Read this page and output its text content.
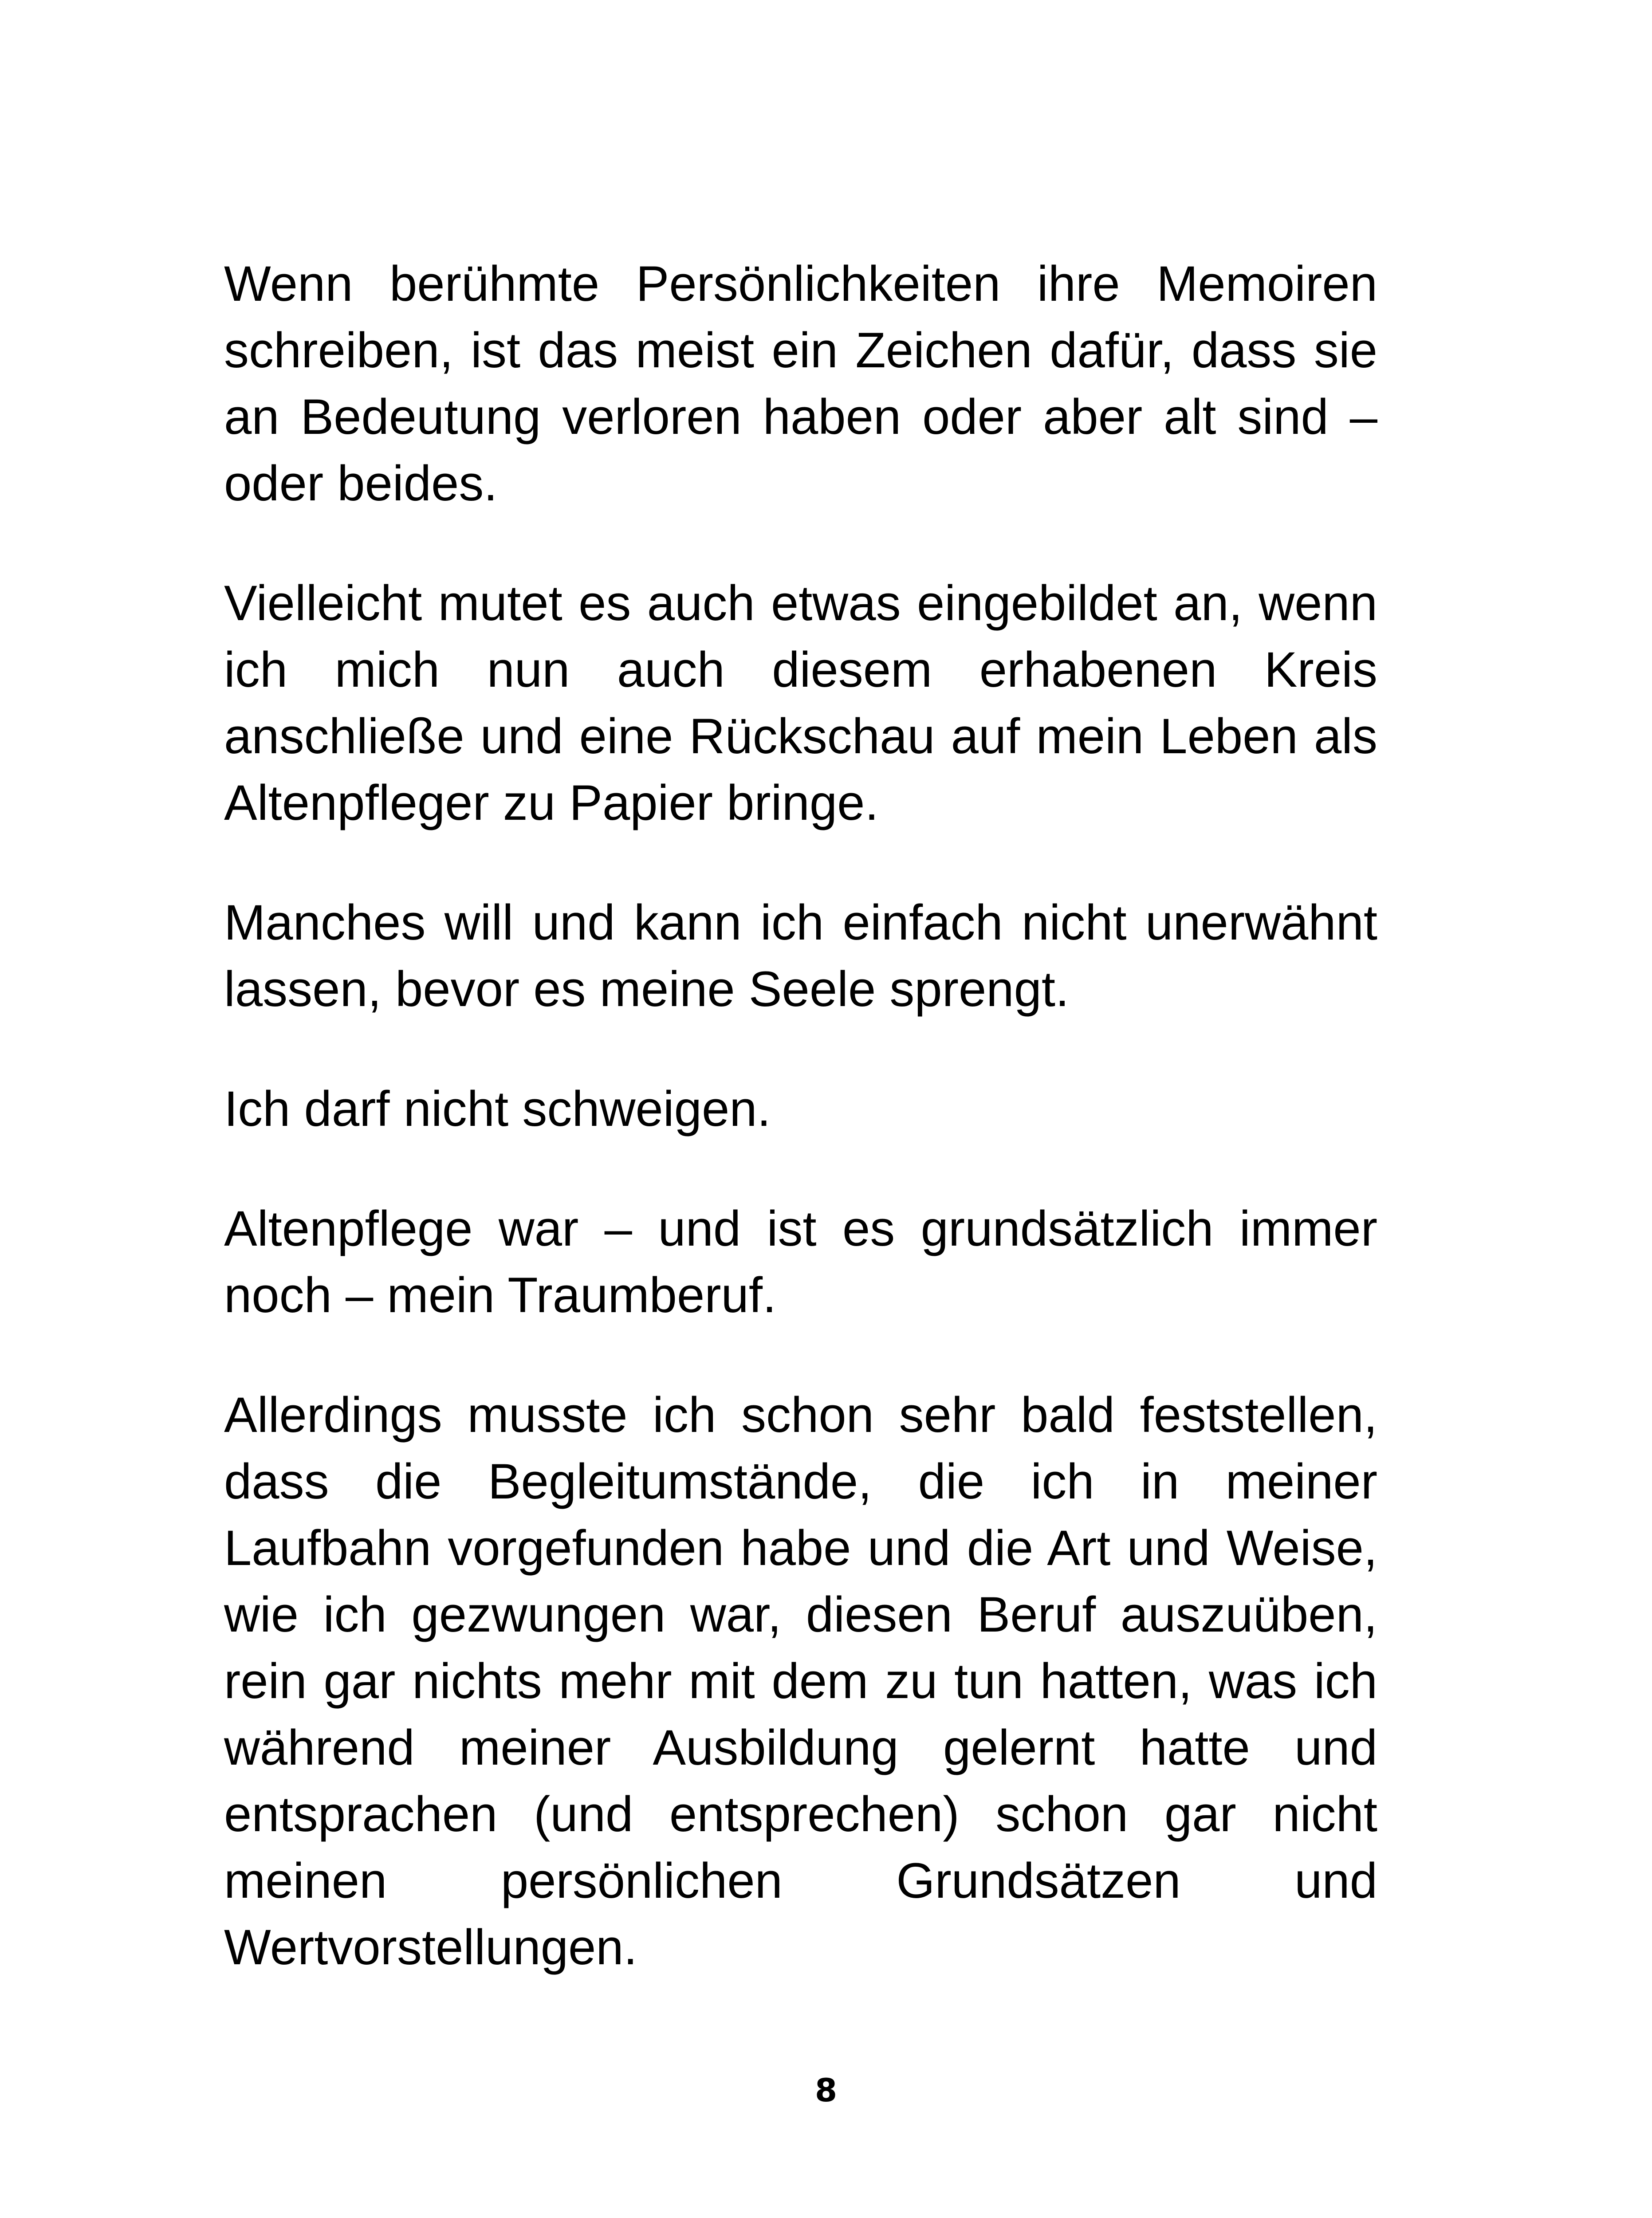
Wenn berühmte Persönlichkeiten ihre Memoiren schreiben, ist das meist ein Zeichen dafür, dass sie an Bedeutung verloren haben oder aber alt sind – oder beides.

Vielleicht mutet es auch etwas eingebildet an, wenn ich mich nun auch diesem erhabenen Kreis anschließe und eine Rückschau auf mein Leben als Altenpfleger zu Papier bringe.

Manches will und kann ich einfach nicht unerwähnt lassen, bevor es meine Seele sprengt.

Ich darf nicht schweigen.

Altenpflege war – und ist es grundsätzlich immer noch – mein Traumberuf.

Allerdings musste ich schon sehr bald feststellen, dass die Begleitumstände, die ich in meiner Laufbahn vorgefunden habe und die Art und Weise, wie ich gezwungen war, diesen Beruf auszuüben, rein gar nichts mehr mit dem zu tun hatten, was ich während meiner Ausbildung gelernt hatte und entsprachen (und entsprechen) schon gar nicht meinen persönlichen Grundsätzen und Wertvorstellungen.

8
